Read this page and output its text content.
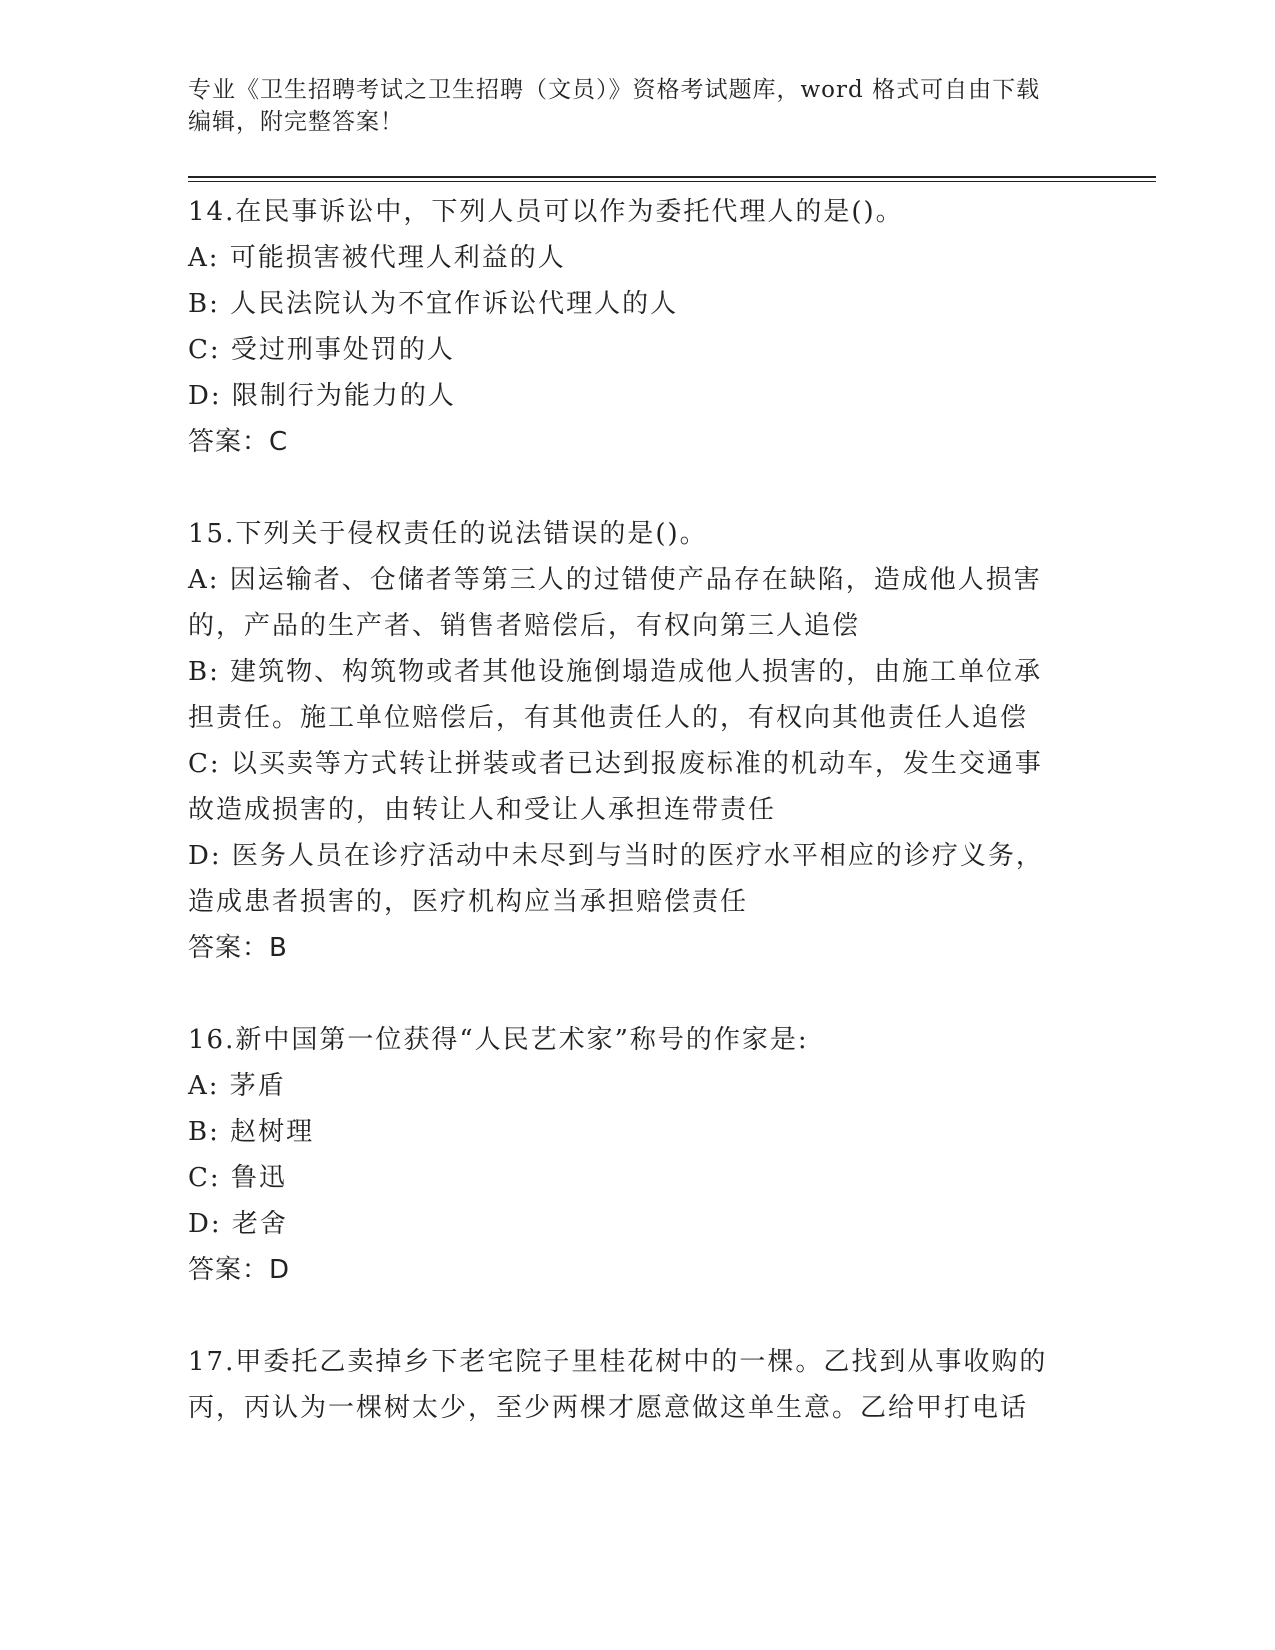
专业《卫生招聘考试之卫生招聘（文员）》资格考试题库，word 格式可自由下载
编辑，附完整答案！
14.在民事诉讼中，下列人员可以作为委托代理人的是()。
A: 可能损害被代理人利益的人
B: 人民法院认为不宜作诉讼代理人的人
C: 受过刑事处罚的人
D: 限制行为能力的人
答案：C
15.下列关于侵权责任的说法错误的是()。
A: 因运输者、仓储者等第三人的过错使产品存在缺陷，造成他人损害
的，产品的生产者、销售者赔偿后，有权向第三人追偿
B: 建筑物、构筑物或者其他设施倒塌造成他人损害的，由施工单位承
担责任。施工单位赔偿后，有其他责任人的，有权向其他责任人追偿
C: 以买卖等方式转让拼装或者已达到报废标准的机动车，发生交通事
故造成损害的，由转让人和受让人承担连带责任
D: 医务人员在诊疗活动中未尽到与当时的医疗水平相应的诊疗义务，
造成患者损害的，医疗机构应当承担赔偿责任
答案：B
16.新中国第一位获得“人民艺术家”称号的作家是:
A: 茅盾
B: 赵树理
C: 鲁迅
D: 老舍
答案：D
17.甲委托乙卖掉乡下老宅院子里桂花树中的一棵。乙找到从事收购的
丙，丙认为一棵树太少，至少两棵才愿意做这单生意。乙给甲打电话
